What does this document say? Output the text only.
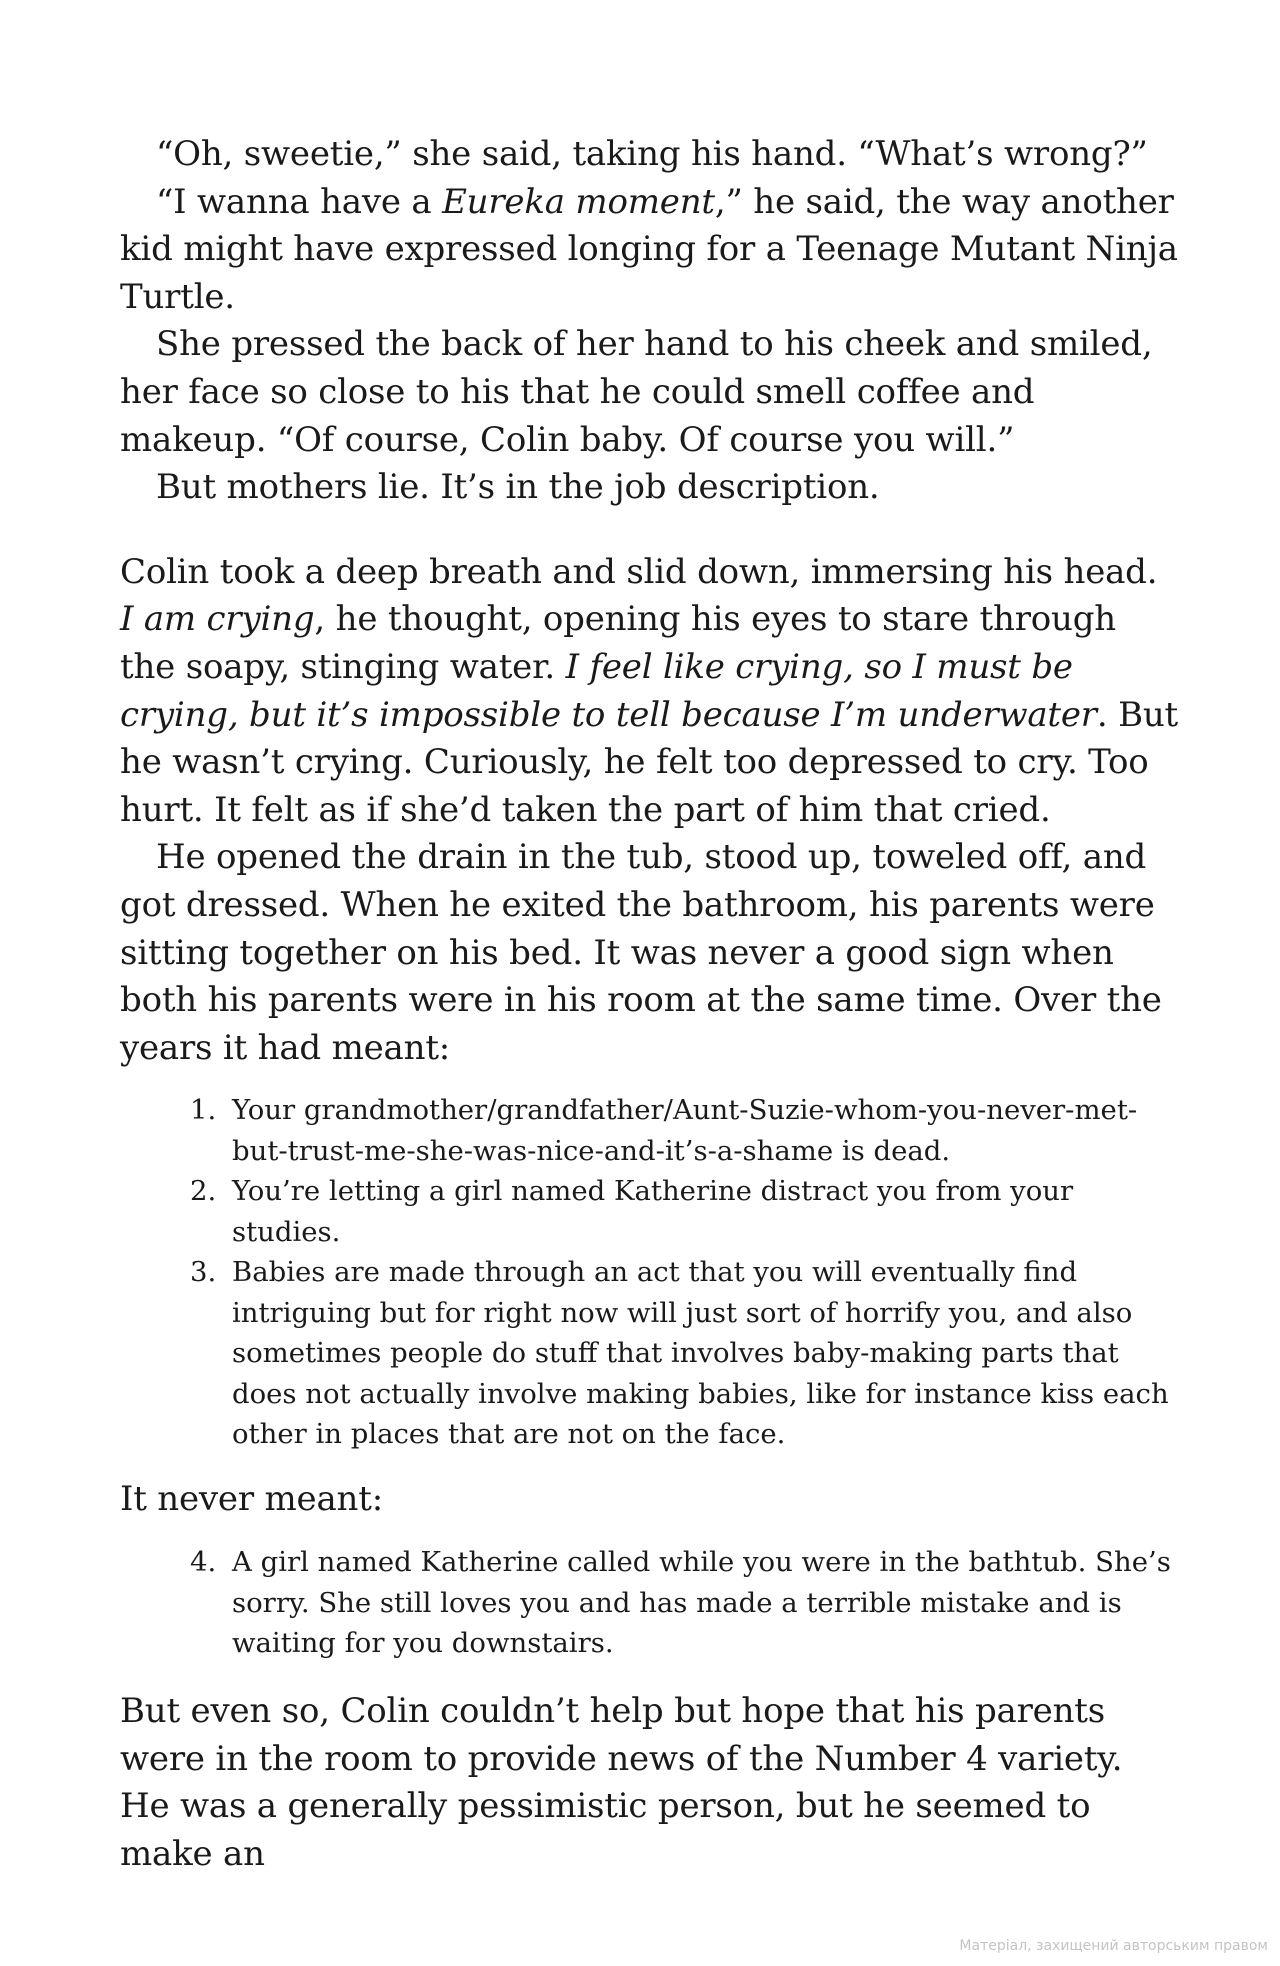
“Oh, sweetie,” she said, taking his hand. “What’s wrong?”

“I wanna have a Eureka moment,” he said, the way another kid might have expressed longing for a Teenage Mutant Ninja Turtle.

She pressed the back of her hand to his cheek and smiled, her face so close to his that he could smell coffee and makeup. “Of course, Colin baby. Of course you will.”

But mothers lie. It’s in the job description.

Colin took a deep breath and slid down, immersing his head. I am crying, he thought, opening his eyes to stare through the soapy, stinging water. I feel like crying, so I must be crying, but it’s impossible to tell because I’m underwater. But he wasn’t crying. Curiously, he felt too depressed to cry. Too hurt. It felt as if she’d taken the part of him that cried.

He opened the drain in the tub, stood up, toweled off, and got dressed. When he exited the bathroom, his parents were sitting together on his bed. It was never a good sign when both his parents were in his room at the same time. Over the years it had meant:

1. Your grandmother/grandfather/Aunt-Suzie-whom-you-never-met-but-trust-me-she-was-nice-and-it’s-a-shame is dead.
2. You’re letting a girl named Katherine distract you from your studies.
3. Babies are made through an act that you will eventually find intriguing but for right now will just sort of horrify you, and also sometimes people do stuff that involves baby-making parts that does not actually involve making babies, like for instance kiss each other in places that are not on the face.

It never meant:

4. A girl named Katherine called while you were in the bathtub. She’s sorry. She still loves you and has made a terrible mistake and is waiting for you downstairs.

But even so, Colin couldn’t help but hope that his parents were in the room to provide news of the Number 4 variety. He was a generally pessimistic person, but he seemed to make an

Матеріал, захищений авторським правом
